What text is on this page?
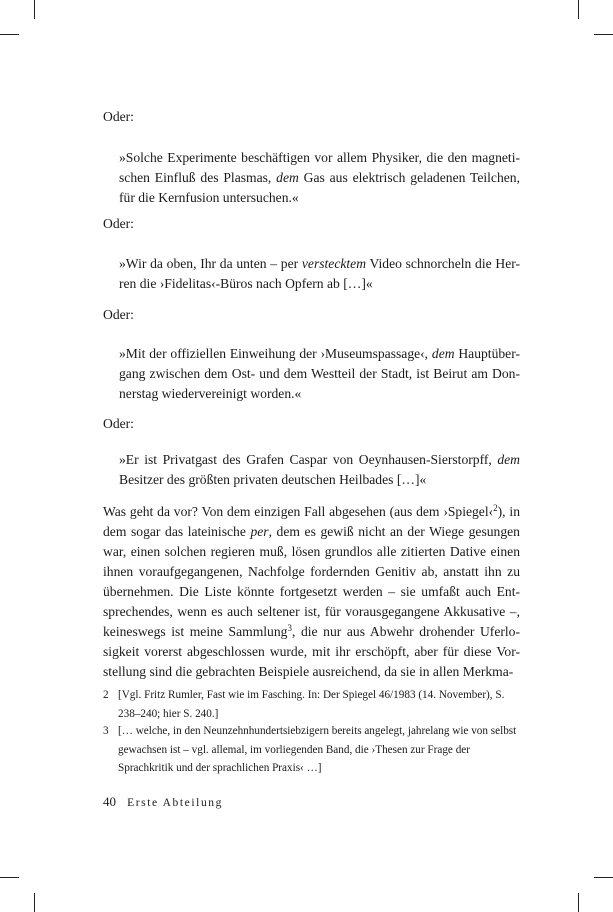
Oder:

»Solche Experimente beschäftigen vor allem Physiker, die den magneti-schen Einfluß des Plasmas, dem Gas aus elektrisch geladenen Teilchen, für die Kernfusion untersuchen.«

Oder:

»Wir da oben, Ihr da unten – per verstecktem Video schnorcheln die Her-ren die ›Fidelitas‹-Büros nach Opfern ab […]«

Oder:

»Mit der offiziellen Einweihung der ›Museumspassage‹, dem Hauptüber-gang zwischen dem Ost- und dem Westteil der Stadt, ist Beirut am Don-nerstag wiedervereinigt worden.«

Oder:

»Er ist Privatgast des Grafen Caspar von Oeynhausen-Sierstorpff, dem Besitzer des größten privaten deutschen Heilbades […]«

Was geht da vor? Von dem einzigen Fall abgesehen (aus dem ›Spiegel‹$^2$), in dem sogar das lateinische per, dem es gewiß nicht an der Wiege gesungen war, einen solchen regieren muß, lösen grundlos alle zitierten Dative einen ihnen voraufgegangenen, Nachfolge fordernden Genitiv ab, anstatt ihn zu übernehmen. Die Liste könnte fortgesetzt werden – sie umfaßt auch Ent-sprechendes, wenn es auch seltener ist, für vorausgegangene Akkusative –, keineswegs ist meine Sammlung$^3$, die nur aus Abwehr drohender Uferlo-sigkeit vorerst abgeschlossen wurde, mit ihr erschöpft, aber für diese Vor-stellung sind die gebrachten Beispiele ausreichend, da sie in allen Merkma-

2 [Vgl. Fritz Rumler, Fast wie im Fasching. In: Der Spiegel 46/1983 (14. November), S. 238–240; hier S. 240.]
3 [… welche, in den Neunzehnhundertsiebzigern bereits angelegt, jahrelang wie von selbst gewachsen ist – vgl. allemal, im vorliegenden Band, die ›Thesen zur Frage der Sprachkritik und der sprachlichen Praxis‹ …]
40 Erste Abteilung
